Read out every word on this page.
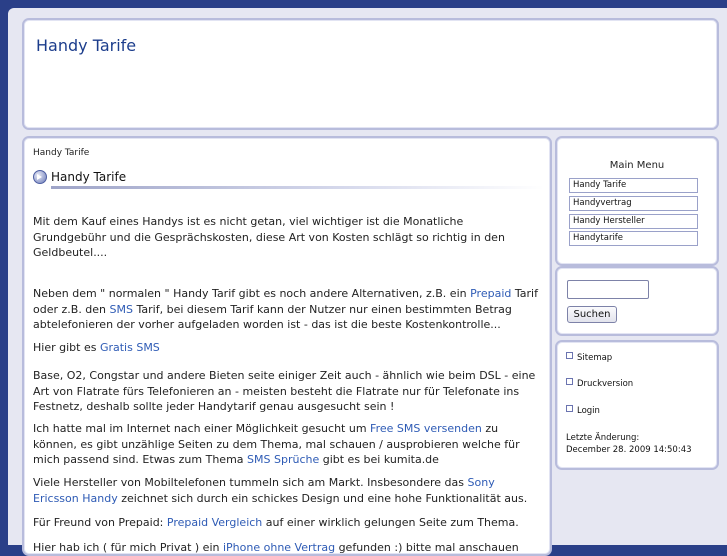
Handy Tarife
Handy Tarife
Handy Tarife

Mit dem Kauf eines Handys ist es nicht getan, viel wichtiger ist die Monatliche Grundgebühr und die Gesprächskosten, diese Art von Kosten schlägt so richtig in den Geldbeutel....

Neben dem " normalen " Handy Tarif gibt es noch andere Alternativen, z.B. ein Prepaid Tarif oder z.B. den SMS Tarif, bei diesem Tarif kann der Nutzer nur einen bestimmten Betrag abtelefonieren der vorher aufgeladen worden ist - das ist die beste Kostenkontrolle...

Hier gibt es Gratis SMS

Base, O2, Congstar und andere Bieten seite einiger Zeit auch - ähnlich wie beim DSL - eine Art von Flatrate fürs Telefonieren an - meisten besteht die Flatrate nur für Telefonate ins Festnetz, deshalb sollte jeder Handytarif genau ausgesucht sein !

Ich hatte mal im Internet nach einer Möglichkeit gesucht um Free SMS versenden zu können, es gibt unzählige Seiten zu dem Thema, mal schauen / ausprobieren welche für mich passend sind. Etwas zum Thema SMS Sprüche gibt es bei kumita.de

Viele Hersteller von Mobiltelefonen tummeln sich am Markt. Insbesondere das Sony Ericsson Handy zeichnet sich durch ein schickes Design und eine hohe Funktionalität aus.

Für Freund von Prepaid: Prepaid Vergleich auf einer wirklich gelungen Seite zum Thema.

Hier hab ich ( für mich Privat ) ein iPhone ohne Vertrag gefunden :) bitte mal anschauen

Main Menu
Handy Tarife
Handyvertrag
Handy Hersteller
Handytarife
Suchen
Sitemap
Druckversion
Login
Letzte Änderung:
December 28. 2009 14:50:43
